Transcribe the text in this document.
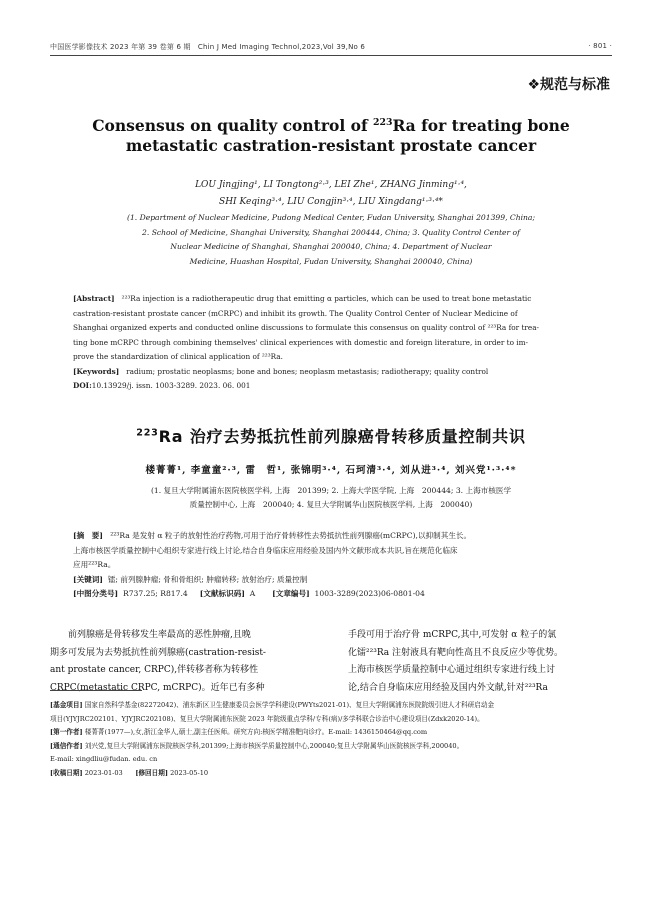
中国医学影像技术 2023 年第 39 卷第 6 期　Chin J Med Imaging Technol,2023,Vol 39,No 6	· 801 ·
❖规范与标准
Consensus on quality control of $^{223}$Ra for treating bone
metastatic castration-resistant prostate cancer
LOU Jingjing¹, LI Tongtong²·³, LEI Zhe¹, ZHANG Jinming¹·⁴,
SHI Keqing³·⁴, LIU Congjin³·⁴, LIU Xingdang¹·³·⁴*
(1. Department of Nuclear Medicine, Pudong Medical Center, Fudan University, Shanghai 201399, China;
2. School of Medicine, Shanghai University, Shanghai 200444, China; 3. Quality Control Center of
Nuclear Medicine of Shanghai, Shanghai 200040, China; 4. Department of Nuclear
Medicine, Huashan Hospital, Fudan University, Shanghai 200040, China)
[Abstract] ²²³Ra injection is a radiotherapeutic drug that emitting α particles, which can be used to treat bone metastatic
castration-resistant prostate cancer (mCRPC) and inhibit its growth. The Quality Control Center of Nuclear Medicine of
Shanghai organized experts and conducted online discussions to formulate this consensus on quality control of ²²³Ra for trea-
ting bone mCRPC through combining themselves' clinical experiences with domestic and foreign literature, in order to im-
prove the standardization of clinical application of ²²³Ra.
[Keywords] radium; prostatic neoplasms; bone and bones; neoplasm metastasis; radiotherapy; quality control
DOI:10.13929/j. issn. 1003-3289. 2023. 06. 001
$^{223}$Ra 治疗去势抵抗性前列腺癌骨转移质量控制共识
楼菁菁¹, 李童童²·³, 雷　哲¹, 张锦明³·⁴, 石珂清³·⁴, 刘从进³·⁴, 刘兴党¹·³·⁴*
(1. 复旦大学附属浦东医院核医学科, 上海　201399; 2. 上海大学医学院, 上海　200444; 3. 上海市核医学
质量控制中心, 上海　200040; 4. 复旦大学附属华山医院核医学科, 上海　200040)
[摘　要] ²²³Ra 是发射 α 粒子的放射性治疗药物,可用于治疗骨转移性去势抵抗性前列腺癌(mCRPC),以抑制其生长。
上海市核医学质量控制中心组织专家进行线上讨论,结合自身临床应用经验及国内外文献形成本共识,旨在规范化临床
应用²²³Ra。
[关键词] 镭; 前列腺肿瘤; 骨和骨组织; 肿瘤转移; 放射治疗; 质量控制
[中图分类号] R737.25; R817.4 [文献标识码] A [文章编号] 1003-3289(2023)06-0801-04
　　前列腺癌是骨转移发生率最高的恶性肿瘤,且晚
期多可发展为去势抵抗性前列腺癌(castration-resist-
ant prostate cancer, CRPC),伴转移者称为转移性
CRPC(metastatic CRPC, mCRPC)。近年已有多种
手段可用于治疗骨 mCRPC,其中,可发射 α 粒子的氯
化镭²²³Ra 注射液具有靶向性高且不良反应少等优势。
上海市核医学质量控制中心通过组织专家进行线上讨
论,结合自身临床应用经验及国内外文献,针对²²³Ra
[基金项目] 国家自然科学基金(82272042)、浦东新区卫生健康委员会医学学科建设(PWYts2021-01)、复旦大学附属浦东医院院级引进人才科研启动金
项目(YJYJRC202101、YJYJRC202108)、复旦大学附属浦东医院 2023 年院级重点学科/专科(病)/多学科联合诊治中心建设项目(Zdxk2020-14)。
[第一作者] 楼菁菁(1977—),女,浙江金华人,硕士,副主任医师。研究方向:核医学精准靶向诊疗。E-mail: 1436150464@qq.com
[通信作者] 刘兴党,复旦大学附属浦东医院核医学科,201399;上海市核医学质量控制中心,200040;复旦大学附属华山医院核医学科,200040。
E-mail: xingdliu@fudan. edu. cn
[收稿日期] 2023-01-03 [修回日期] 2023-05-10
